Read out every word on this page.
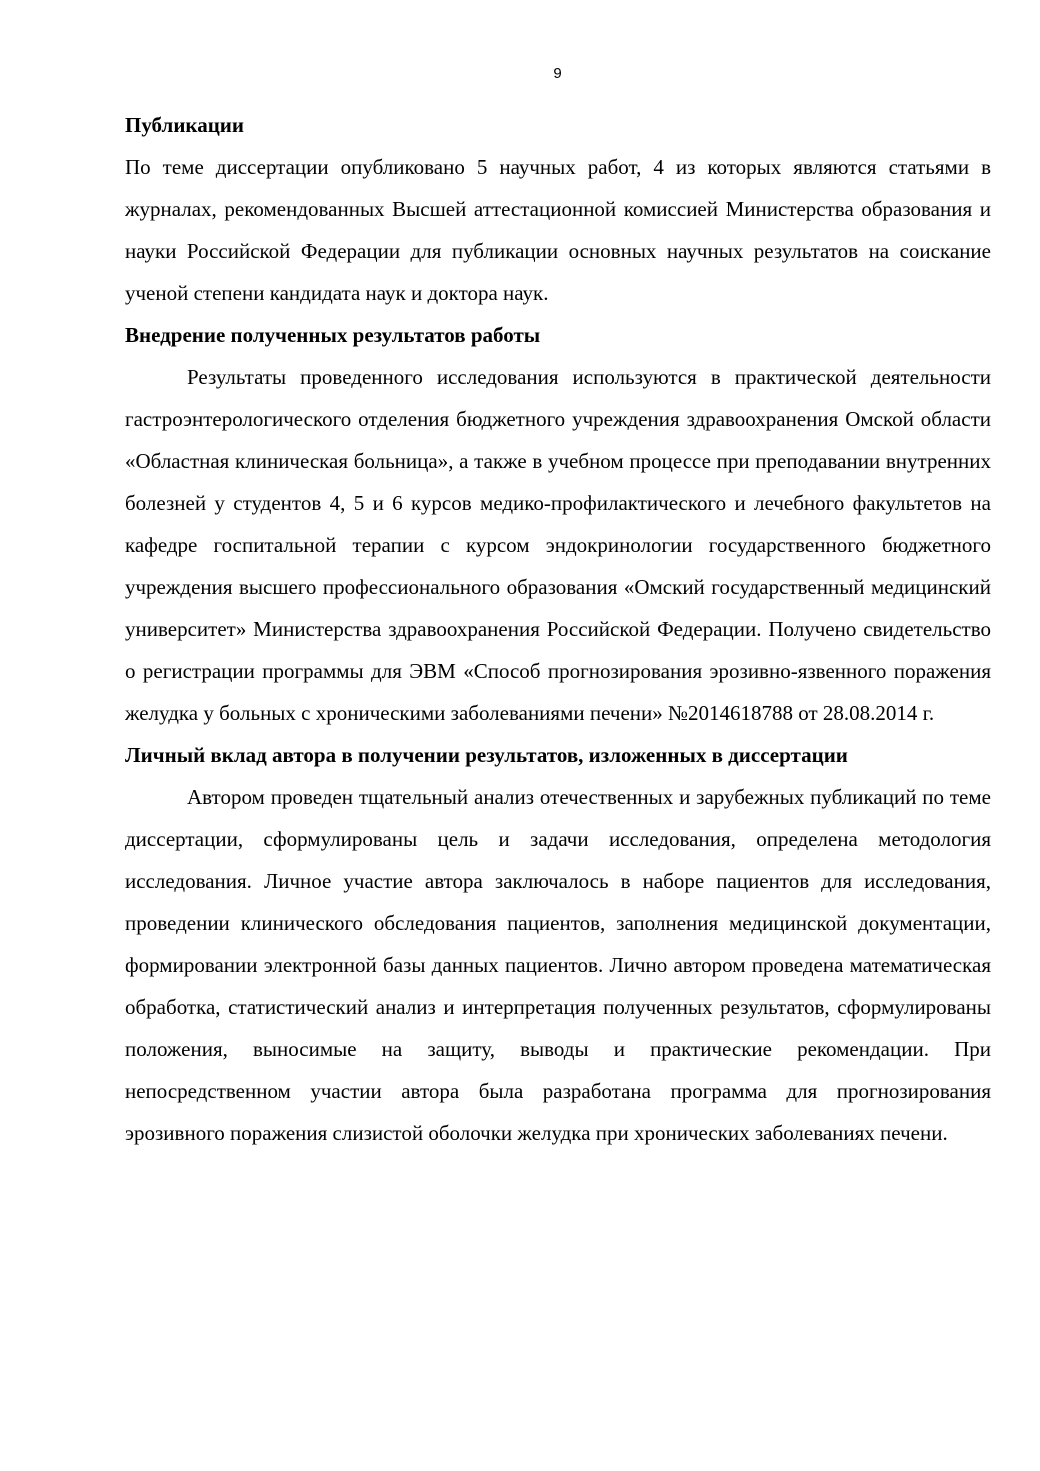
9
Публикации

По теме диссертации опубликовано 5 научных работ, 4 из которых являются статьями в журналах, рекомендованных Высшей аттестационной комиссией Министерства образования и науки Российской Федерации для публикации основных научных результатов на соискание ученой степени кандидата наук и доктора наук.

Внедрение полученных результатов работы

Результаты проведенного исследования используются в практической деятельности гастроэнтерологического отделения бюджетного учреждения здравоохранения Омской области «Областная клиническая больница», а также в учебном процессе при преподавании внутренних болезней у студентов 4, 5 и 6 курсов медико-профилактического и лечебного факультетов на кафедре госпитальной терапии с курсом эндокринологии государственного бюджетного учреждения высшего профессионального образования «Омский государственный медицинский университет» Министерства здравоохранения Российской Федерации. Получено свидетельство о регистрации программы для ЭВМ «Способ прогнозирования эрозивно-язвенного поражения желудка у больных с хроническими заболеваниями печени» №2014618788 от 28.08.2014 г.

Личный вклад автора в получении результатов, изложенных в диссертации

Автором проведен тщательный анализ отечественных и зарубежных публикаций по теме диссертации, сформулированы цель и задачи исследования, определена методология исследования. Личное участие автора заключалось в наборе пациентов для исследования, проведении клинического обследования пациентов, заполнения медицинской документации, формировании электронной базы данных пациентов. Лично автором проведена математическая обработка, статистический анализ и интерпретация полученных результатов, сформулированы положения, выносимые на защиту, выводы и практические рекомендации. При непосредственном участии автора была разработана программа для прогнозирования эрозивного поражения слизистой оболочки желудка при хронических заболеваниях печени.
